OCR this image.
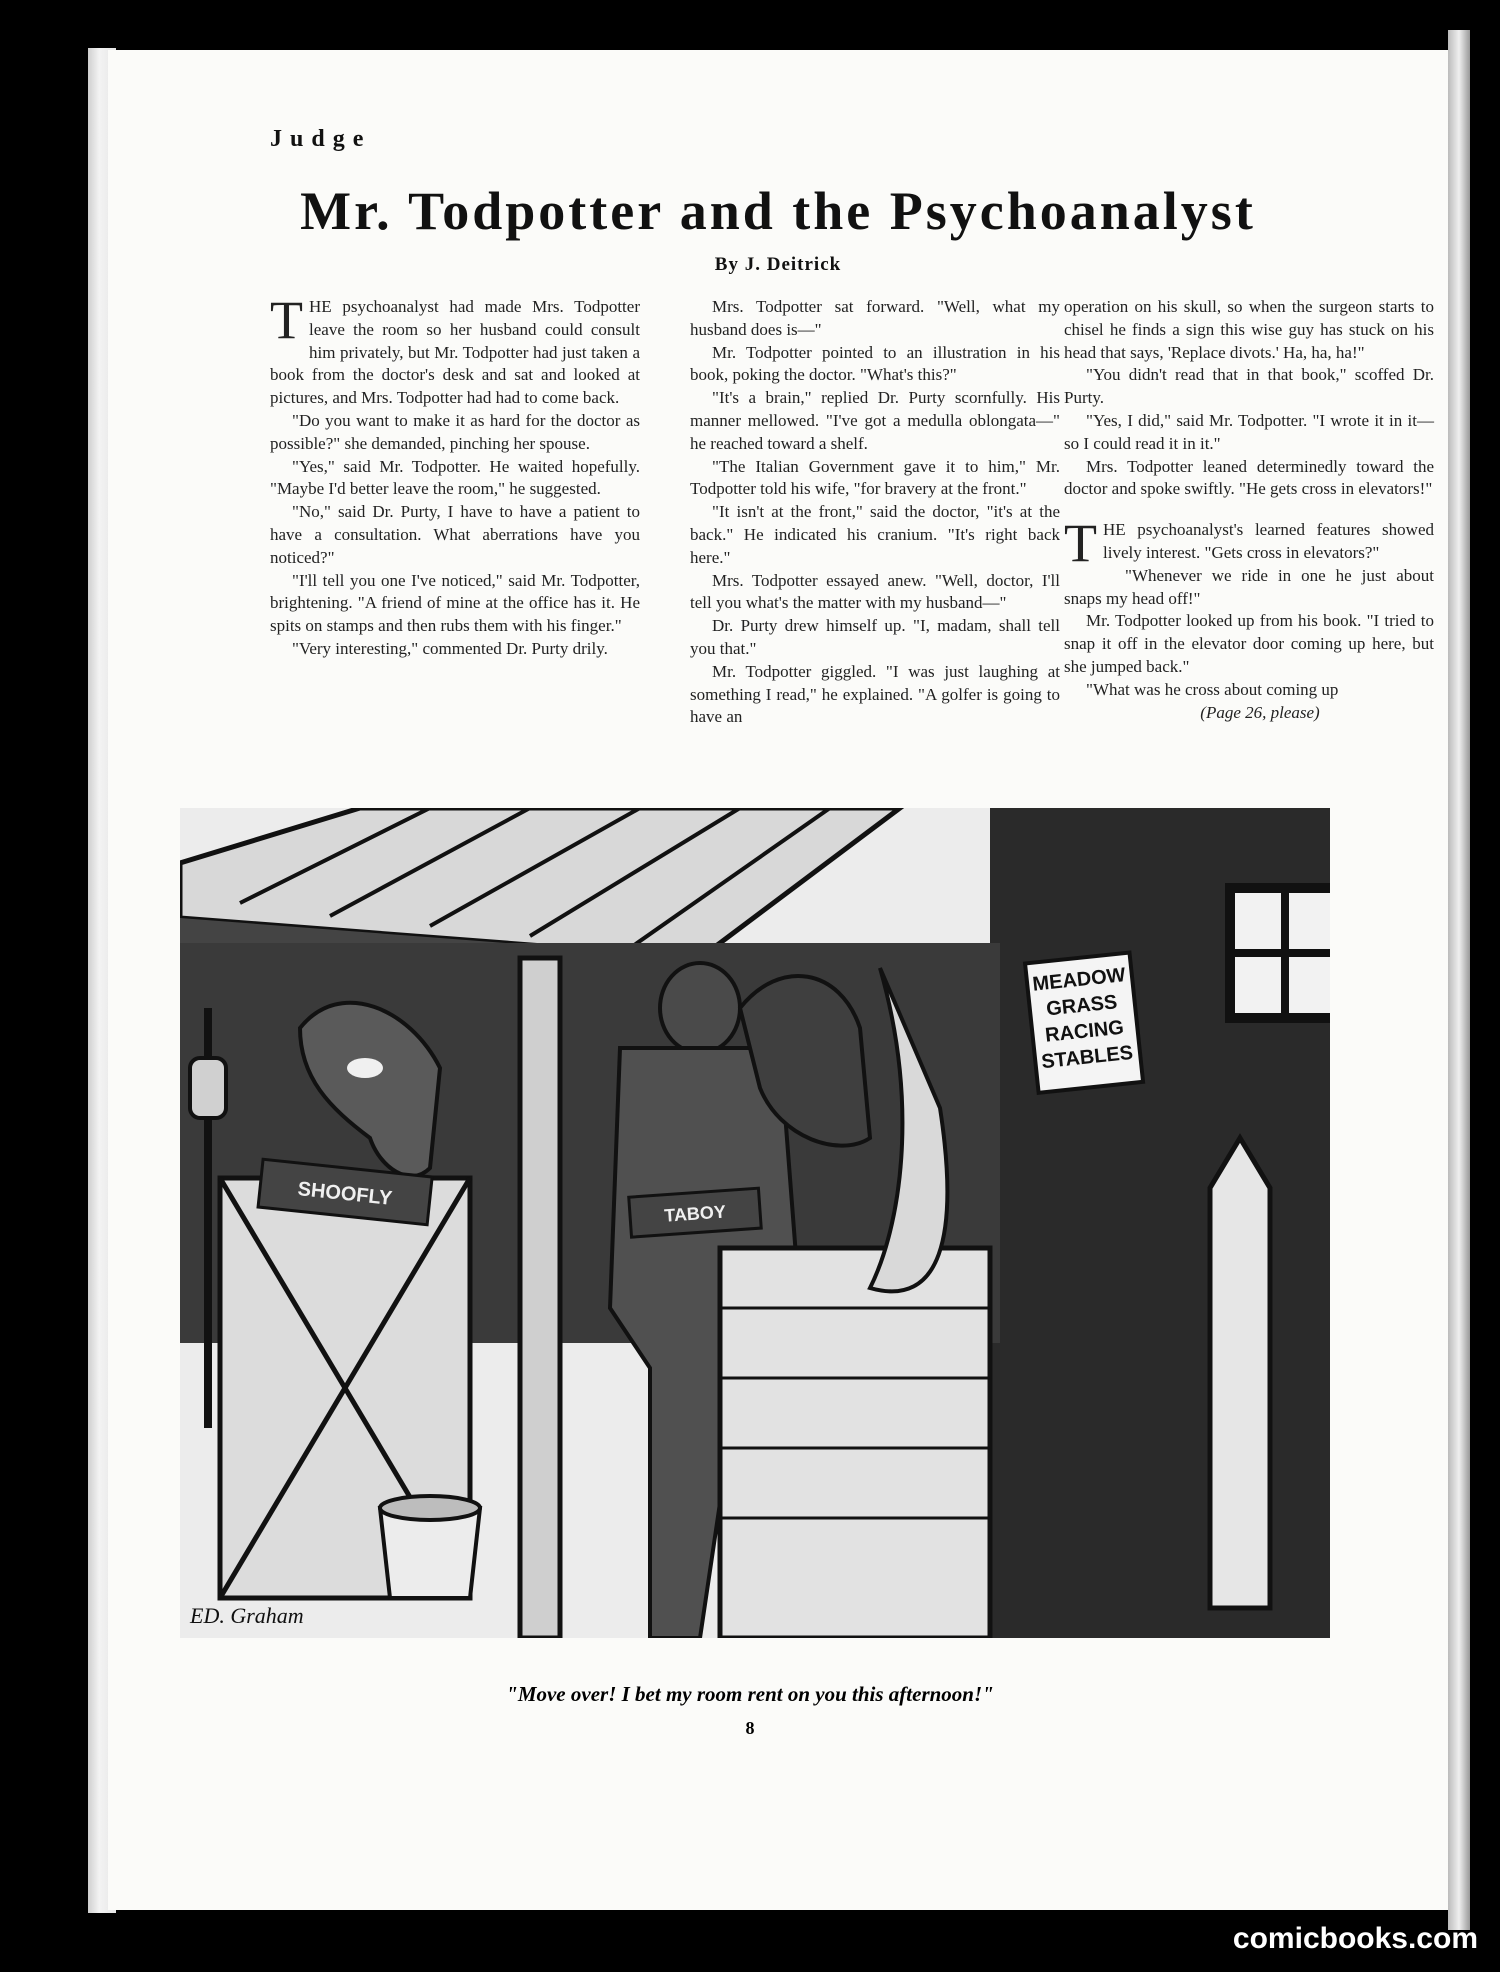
Judge

Mr. Todpotter and the Psychoanalyst

By J. Deitrick

THE psychoanalyst had made Mrs. Todpotter leave the room so her husband could consult him privately, but Mr. Todpotter had just taken a book from the doctor's desk and sat and looked at pictures, and Mrs. Todpotter had had to come back.

"Do you want to make it as hard for the doctor as possible?" she demanded, pinching her spouse.

"Yes," said Mr. Todpotter. He waited hopefully. "Maybe I'd better leave the room," he suggested.

"No," said Dr. Purty, I have to have a patient to have a consultation. What aberrations have you noticed?"

"I'll tell you one I've noticed," said Mr. Todpotter, brightening. "A friend of mine at the office has it. He spits on stamps and then rubs them with his finger."

"Very interesting," commented Dr. Purty drily.

Mrs. Todpotter sat forward. "Well, what my husband does is—"

Mr. Todpotter pointed to an illustration in his book, poking the doctor. "What's this?"

"It's a brain," replied Dr. Purty scornfully. His manner mellowed. "I've got a medulla oblongata—" he reached toward a shelf.

"The Italian Government gave it to him," Mr. Todpotter told his wife, "for bravery at the front."

"It isn't at the front," said the doctor, "it's at the back." He indicated his cranium. "It's right back here."

Mrs. Todpotter essayed anew. "Well, doctor, I'll tell you what's the matter with my husband—"

Dr. Purty drew himself up. "I, madam, shall tell you that."

Mr. Todpotter giggled. "I was just laughing at something I read," he explained. "A golfer is going to have an

operation on his skull, so when the surgeon starts to chisel he finds a sign this wise guy has stuck on his head that says, 'Replace divots.' Ha, ha, ha!"

"You didn't read that in that book," scoffed Dr. Purty.

"Yes, I did," said Mr. Todpotter. "I wrote it in it—so I could read it in it."

Mrs. Todpotter leaned determinedly toward the doctor and spoke swiftly. "He gets cross in elevators!"

THE psychoanalyst's learned features showed lively interest. "Gets cross in elevators?"

"Whenever we ride in one he just about snaps my head off!"

Mr. Todpotter looked up from his book. "I tried to snap it off in the elevator door coming up here, but she jumped back."

"What was he cross about coming up

(Page 26, please)

MEADOW
GRASS
RACING
STABLES
SHOOFLY
TABOY
ED. Graham

"Move over! I bet my room rent on you this afternoon!"

8

comicbooks.com
